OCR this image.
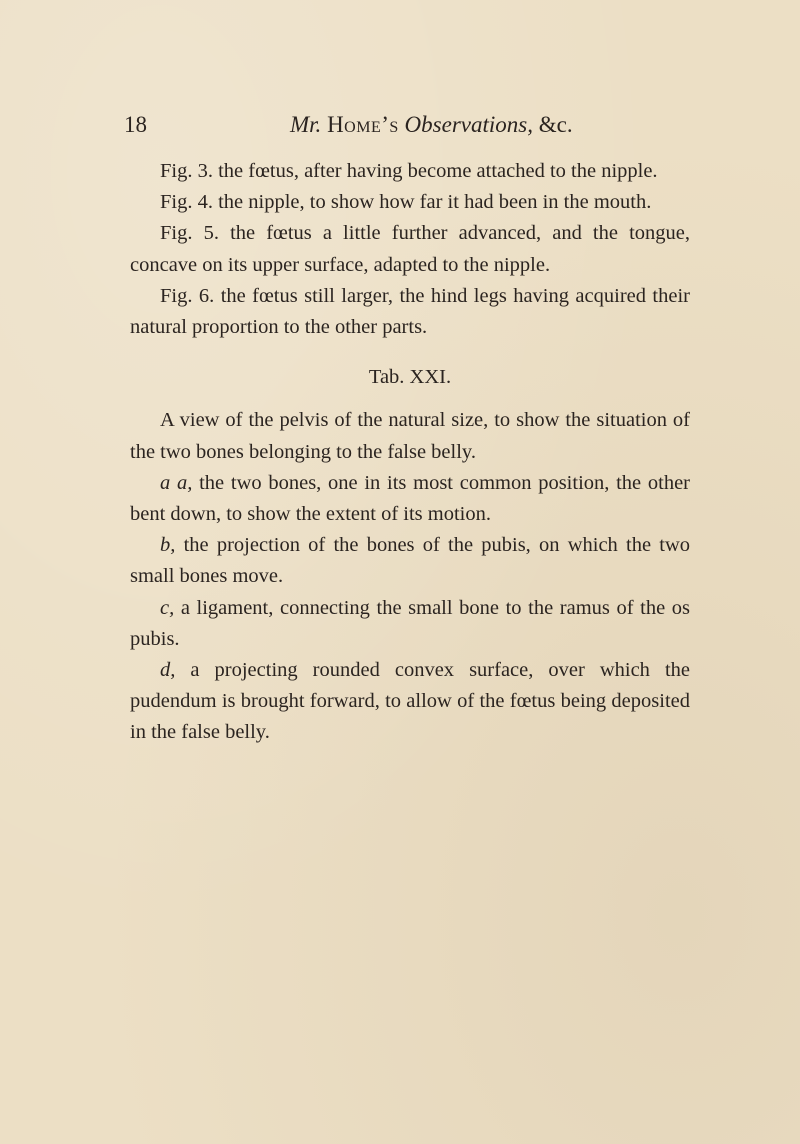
18	Mr. Home’s Observations, &c.

Fig. 3. the fœtus, after having become attached to the nipple.

Fig. 4. the nipple, to show how far it had been in the mouth.

Fig. 5. the fœtus a little further advanced, and the tongue, concave on its upper surface, adapted to the nipple.

Fig. 6. the fœtus still larger, the hind legs having acquired their natural proportion to the other parts.

Tab. XXI.

A view of the pelvis of the natural size, to show the situation of the two bones belonging to the false belly.

a a, the two bones, one in its most common position, the other bent down, to show the extent of its motion.

b, the projection of the bones of the pubis, on which the two small bones move.

c, a ligament, connecting the small bone to the ramus of the os pubis.

d, a projecting rounded convex surface, over which the pudendum is brought forward, to allow of the fœtus being deposited in the false belly.
